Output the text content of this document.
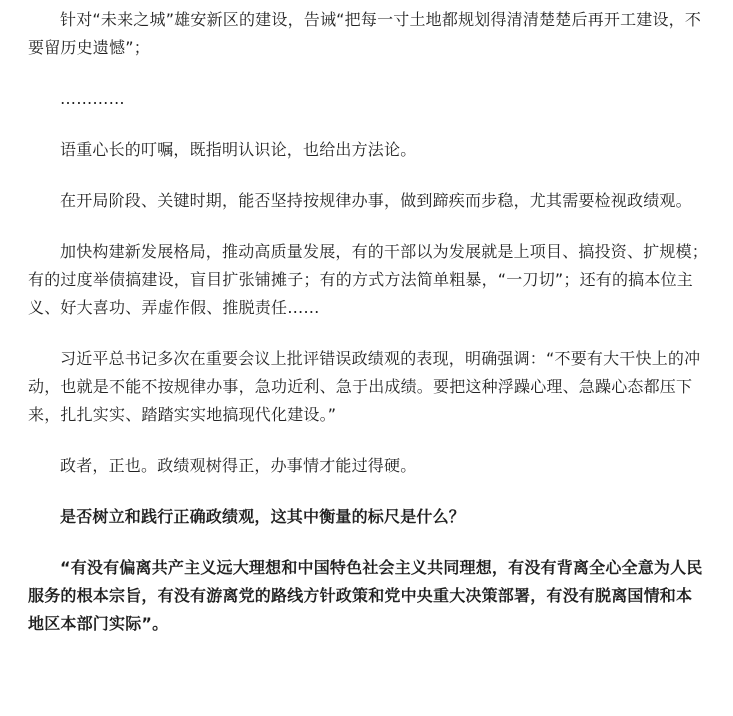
针对“未来之城”雄安新区的建设，告诫“把每一寸土地都规划得清清楚楚后再开工建设，不要留历史遗憾”；

…………

语重心长的叮嘱，既指明认识论，也给出方法论。

在开局阶段、关键时期，能否坚持按规律办事，做到蹄疾而步稳，尤其需要检视政绩观。

加快构建新发展格局，推动高质量发展，有的干部以为发展就是上项目、搞投资、扩规模；有的过度举债搞建设，盲目扩张铺摊子；有的方式方法简单粗暴，“一刀切”；还有的搞本位主义、好大喜功、弄虚作假、推脱责任……

习近平总书记多次在重要会议上批评错误政绩观的表现，明确强调：“不要有大干快上的冲动，也就是不能不按规律办事，急功近利、急于出成绩。要把这种浮躁心理、急躁心态都压下来，扎扎实实、踏踏实实地搞现代化建设。”

政者，正也。政绩观树得正，办事情才能过得硬。

是否树立和践行正确政绩观，这其中衡量的标尺是什么？

“有没有偏离共产主义远大理想和中国特色社会主义共同理想，有没有背离全心全意为人民服务的根本宗旨，有没有游离党的路线方针政策和党中央重大决策部署，有没有脱离国情和本地区本部门实际”。
